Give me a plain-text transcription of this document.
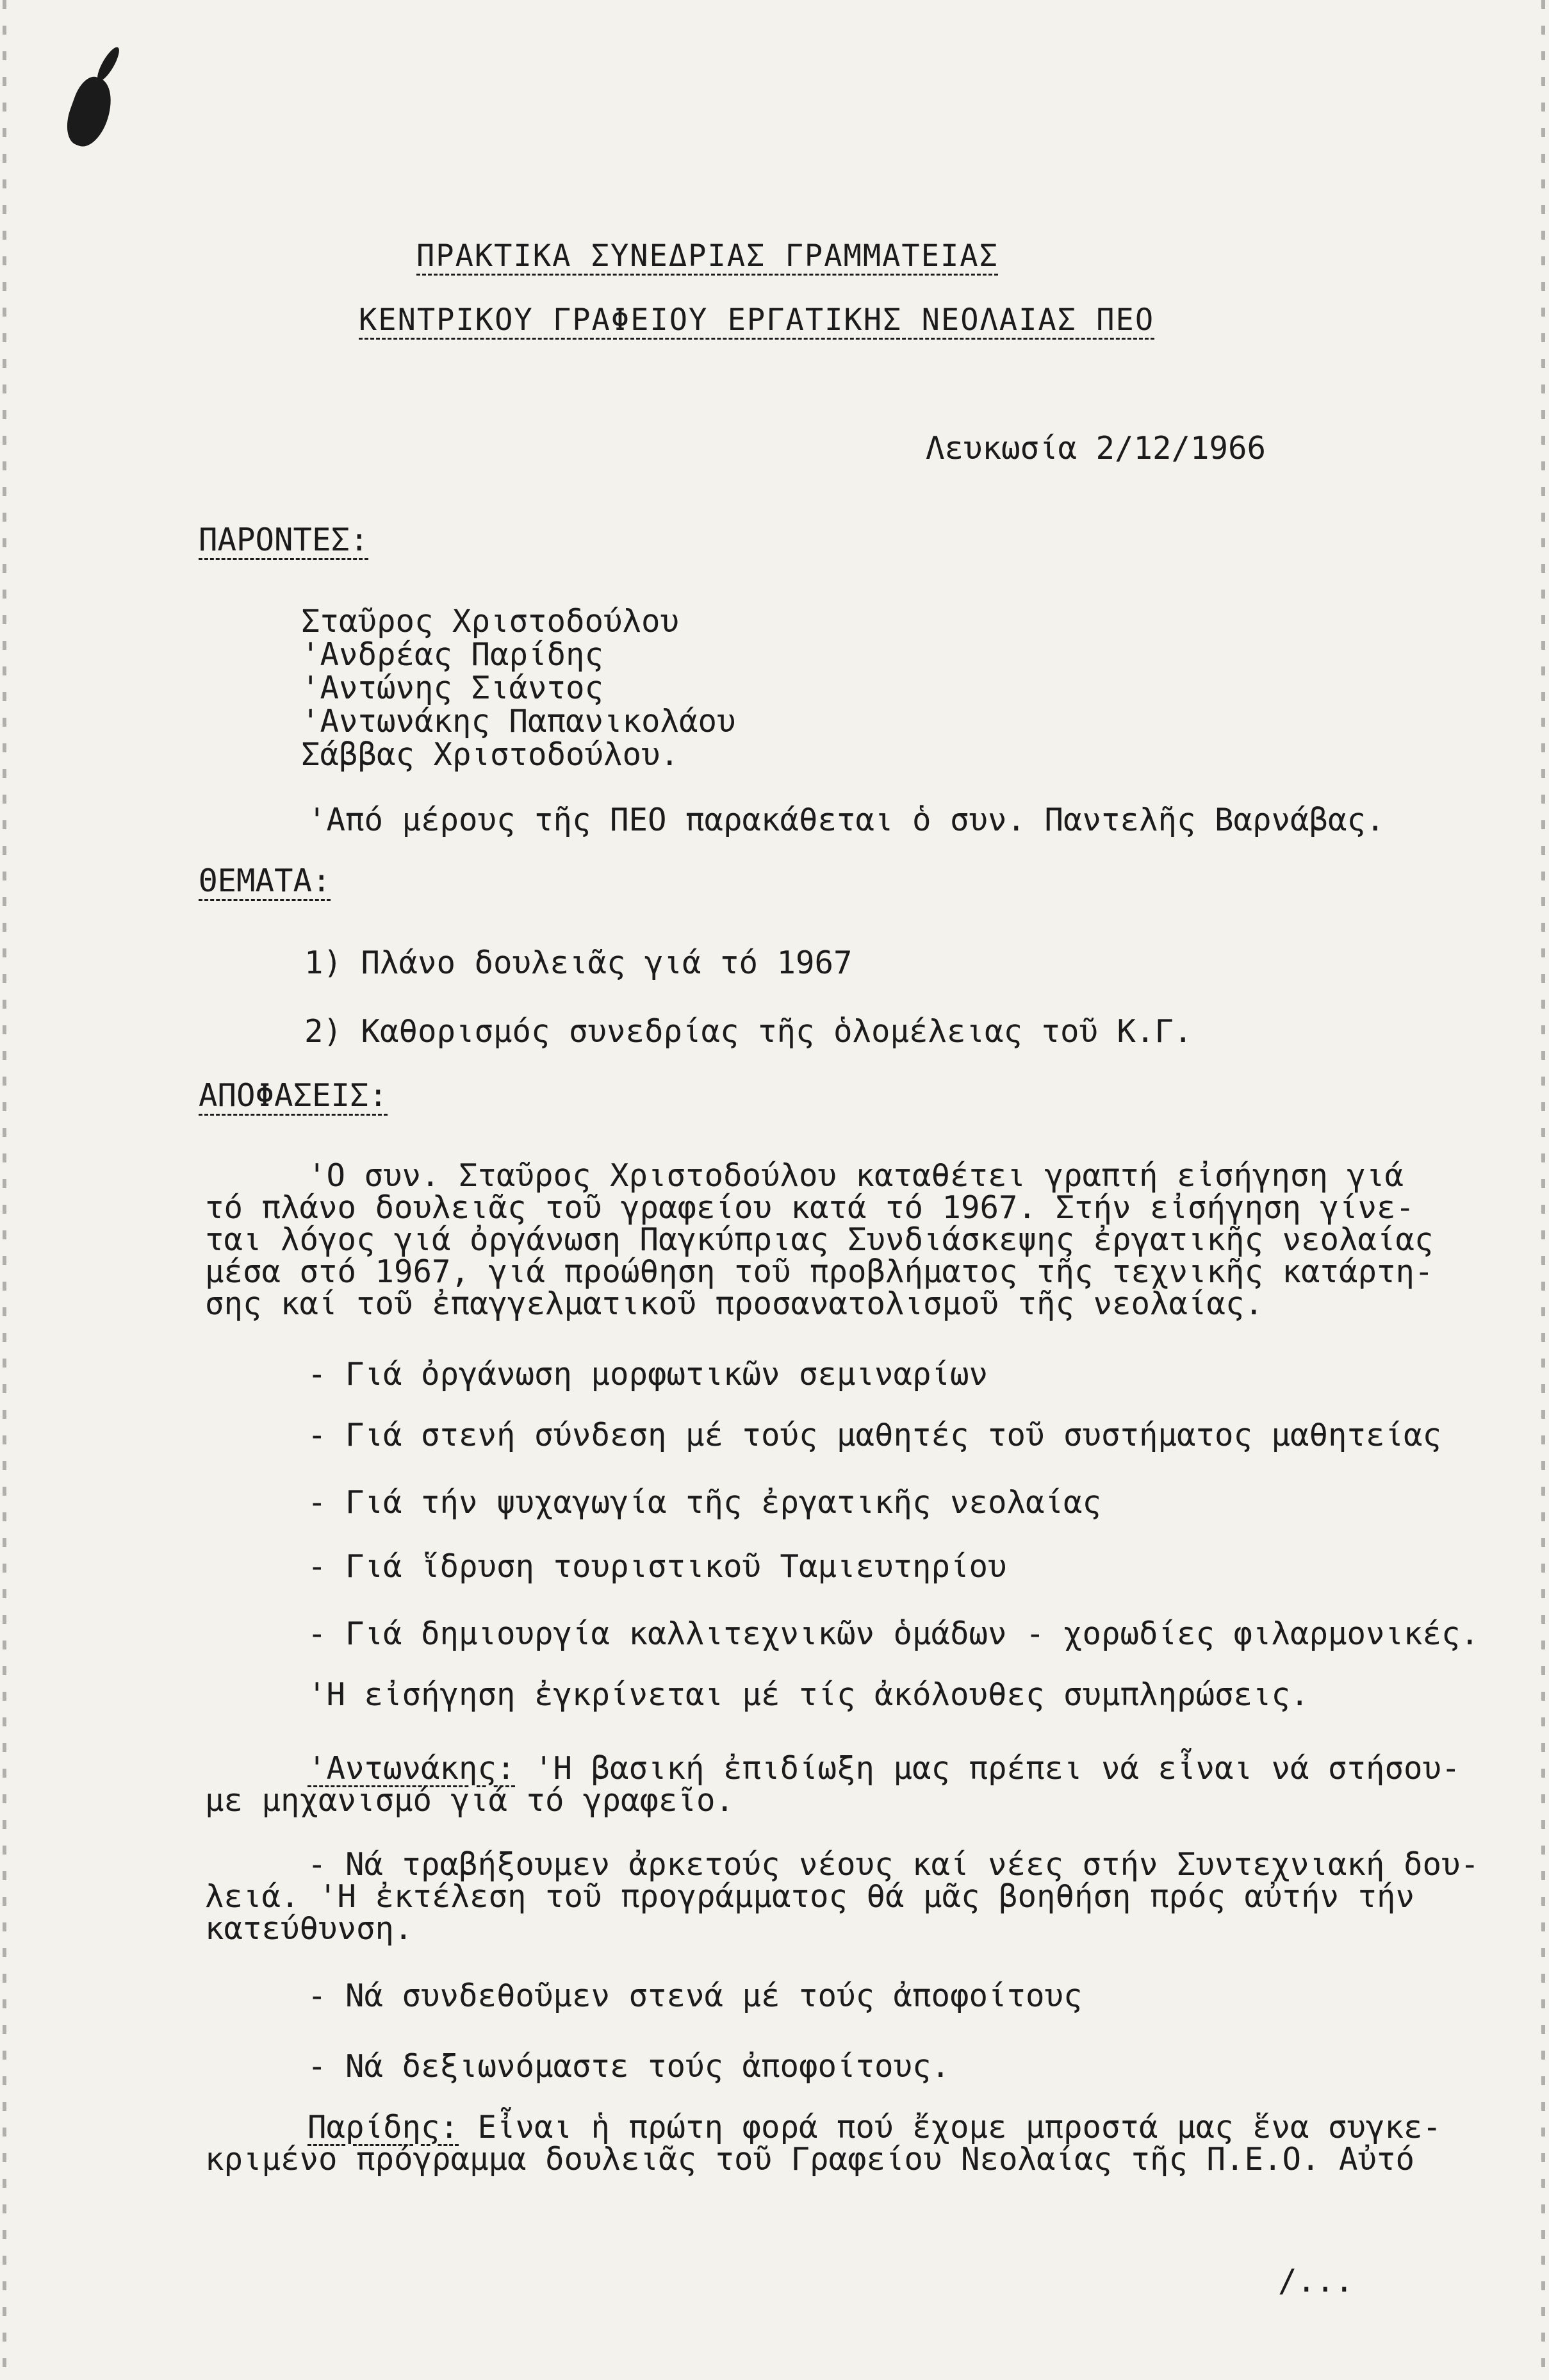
ΠΡΑΚΤΙΚΑ ΣΥΝΕΔΡΙΑΣ ΓΡΑΜΜΑΤΕΙΑΣ
ΚΕΝΤΡΙΚΟΥ ΓΡΑΦΕΙΟΥ ΕΡΓΑΤΙΚΗΣ ΝΕΟΛΑΙΑΣ ΠΕΟ
Λευκωσία 2/12/1966
ΠΑΡΟΝΤΕΣ:
Σταῦρος Χριστοδούλου
'Ανδρέας Παρίδης
'Αντώνης Σιάντος
'Αντωνάκης Παπανικολάου
Σάββας Χριστοδούλου.
'Από μέρους τῆς ΠΕΟ παρακάθεται ὁ συν. Παντελῆς Βαρνάβας.
ΘΕΜΑΤΑ:
1) Πλάνο δουλειᾶς γιά τό 1967
2) Καθορισμός συνεδρίας τῆς ὁλομέλειας τοῦ Κ.Γ.
ΑΠΟΦΑΣΕΙΣ:
'Ο συν. Σταῦρος Χριστοδούλου καταθέτει γραπτή εἰσήγηση γιά
τό πλάνο δουλειᾶς τοῦ γραφείου κατά τό 1967. Στήν εἰσήγηση γίνε-
ται λόγος γιά ὀργάνωση Παγκύπριας Συνδιάσκεψης ἐργατικῆς νεολαίας
μέσα στό 1967, γιά προώθηση τοῦ προβλήματος τῆς τεχνικῆς κατάρτη-
σης καί τοῦ ἐπαγγελματικοῦ προσανατολισμοῦ τῆς νεολαίας.
- Γιά ὀργάνωση μορφωτικῶν σεμιναρίων
- Γιά στενή σύνδεση μέ τούς μαθητές τοῦ συστήματος μαθητείας
- Γιά τήν ψυχαγωγία τῆς ἐργατικῆς νεολαίας
- Γιά ἵδρυση τουριστικοῦ Ταμιευτηρίου
- Γιά δημιουργία καλλιτεχνικῶν ὁμάδων - χορωδίες φιλαρμονικές.
'Η εἰσήγηση ἐγκρίνεται μέ τίς ἀκόλουθες συμπληρώσεις.
'Αντωνάκης: 'Η βασική ἐπιδίωξη μας πρέπει νά εἶναι νά στήσου-
με μηχανισμό γιά τό γραφεῖο.
- Νά τραβήξουμεν ἀρκετούς νέους καί νέες στήν Συντεχνιακή δου-
λειά. 'Η ἐκτέλεση τοῦ προγράμματος θά μᾶς βοηθήση πρός αὐτήν τήν
κατεύθυνση.
- Νά συνδεθοῦμεν στενά μέ τούς ἀποφοίτους
- Νά δεξιωνόμαστε τούς ἀποφοίτους.
Παρίδης: Εἶναι ἡ πρώτη φορά πού ἔχομε μπροστά μας ἕνα συγκε-
κριμένο πρόγραμμα δουλειᾶς τοῦ Γραφείου Νεολαίας τῆς Π.Ε.Ο. Αὐτό
/...
